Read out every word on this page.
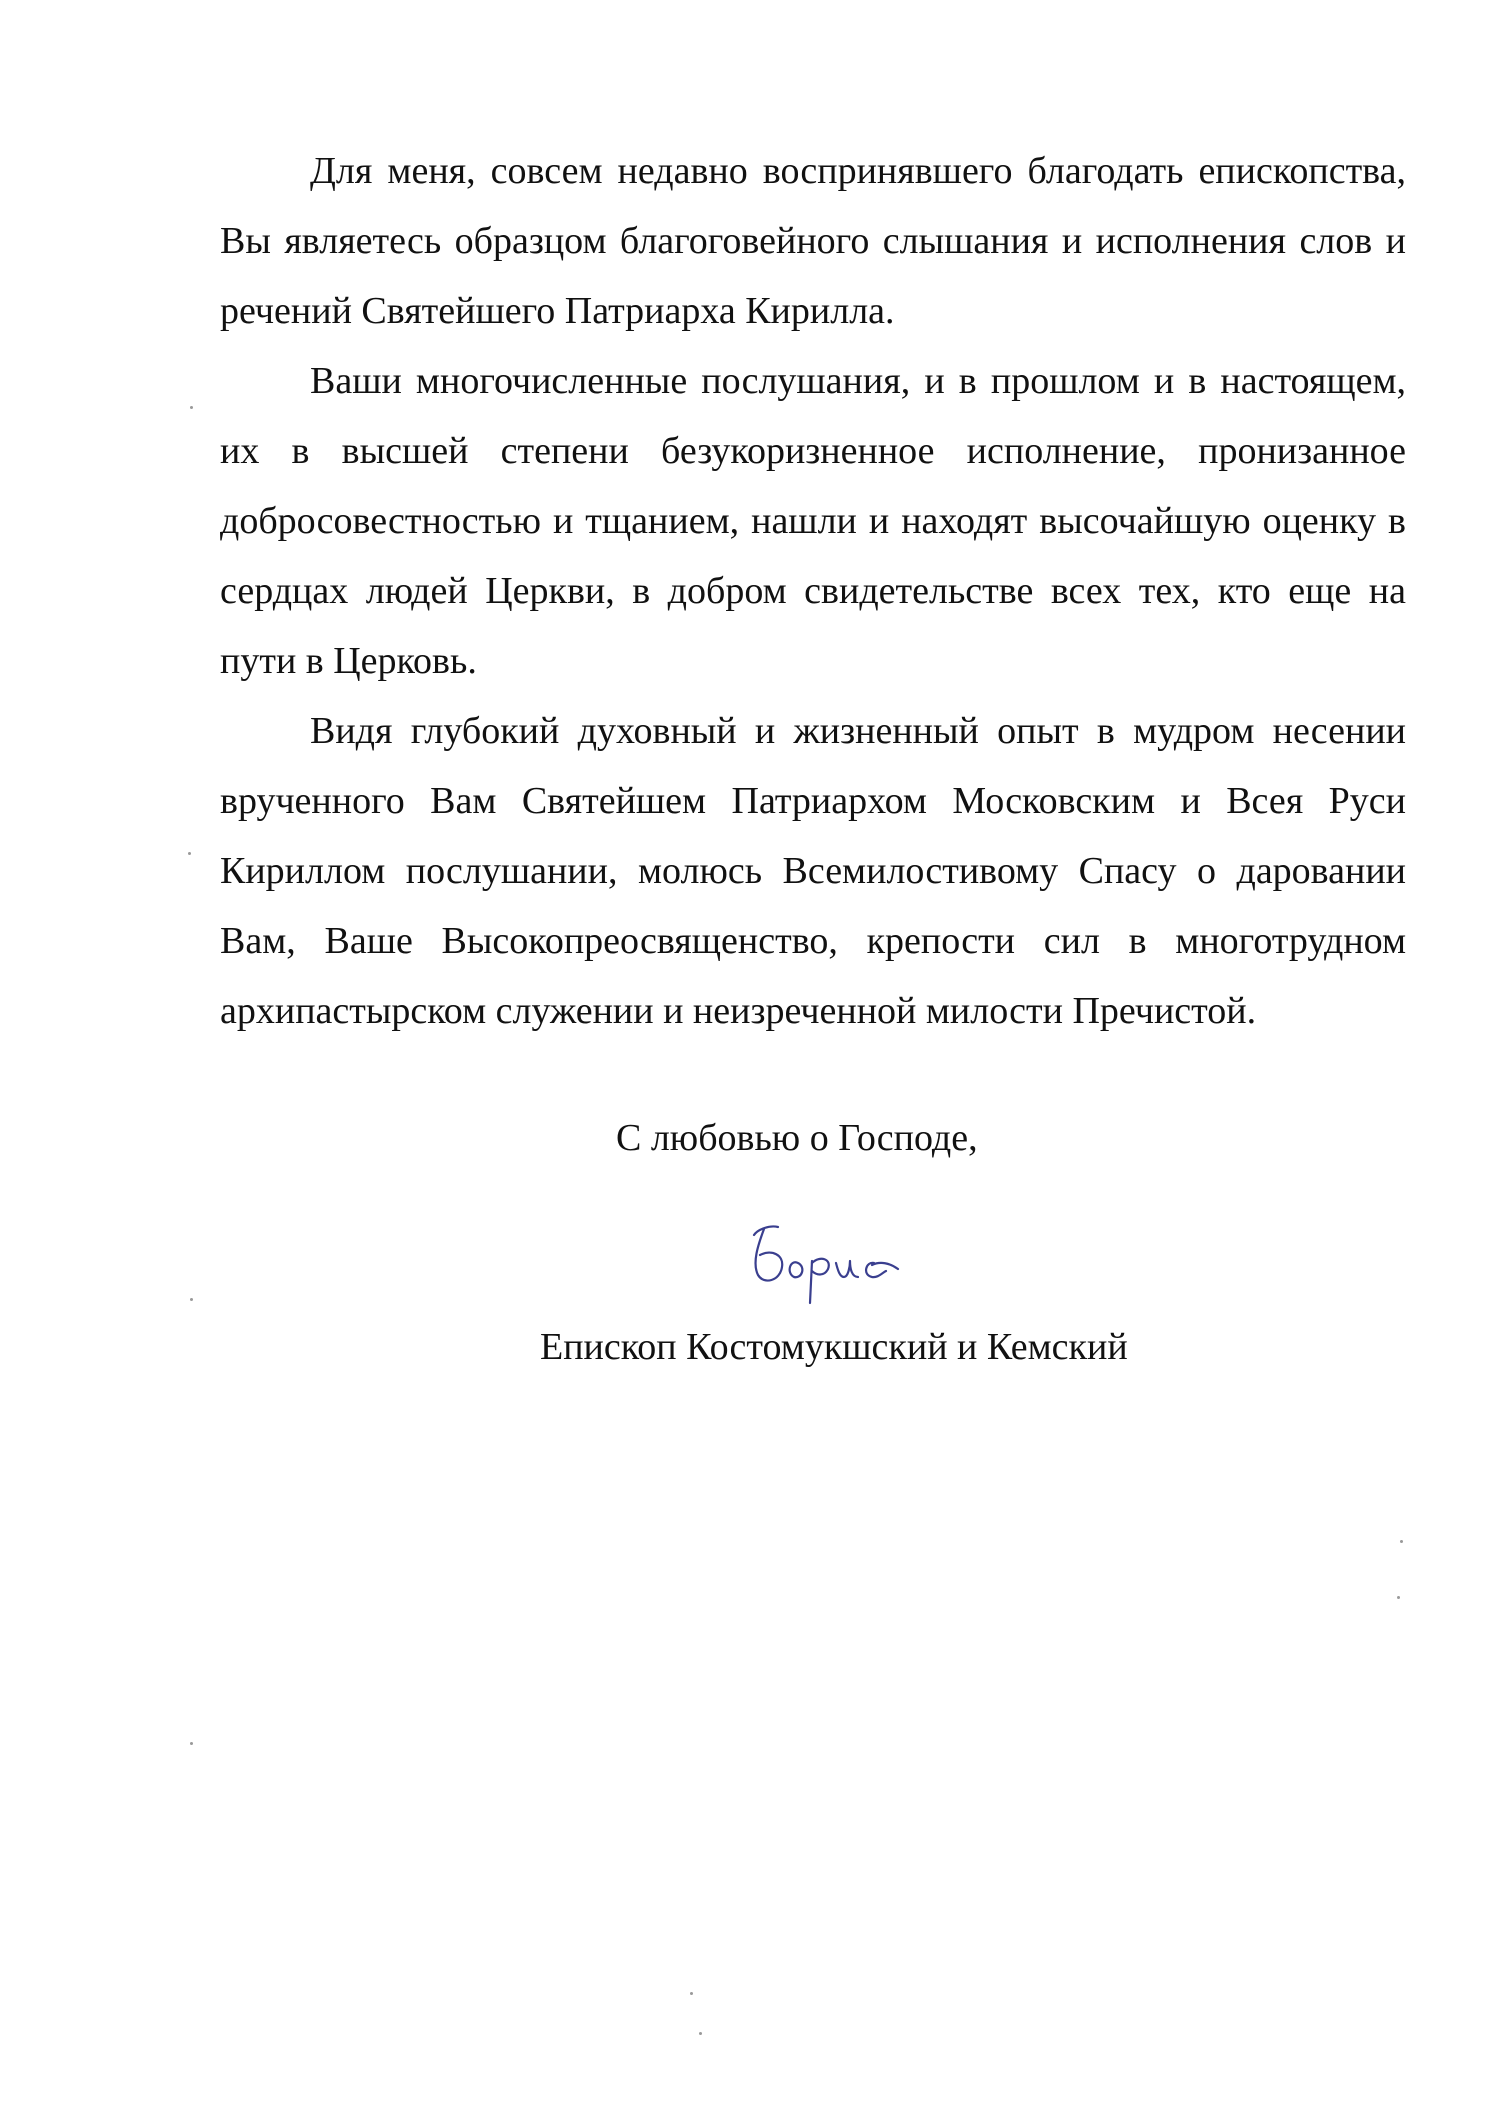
Для меня, совсем недавно воспринявшего благодать епископства, Вы являетесь образцом благоговейного слышания и исполнения слов и речений Святейшего Патриарха Кирилла.

Ваши многочисленные послушания, и в прошлом и в настоящем, их в высшей степени безукоризненное исполнение, пронизанное добросовестностью и тщанием, нашли и находят высочайшую оценку в сердцах людей Церкви, в добром свидетельстве всех тех, кто еще на пути в Церковь.

Видя глубокий духовный и жизненный опыт в мудром несении врученного Вам Святейшем Патриархом Московским и Всея Руси Кириллом послушании, молюсь Всемилостивому Спасу о даровании Вам, Ваше Высокопреосвященство, крепости сил в многотрудном архипастырском служении и неизреченной милости Пречистой.

С любовью о Господе,
Епископ Костомукшский и Кемский
